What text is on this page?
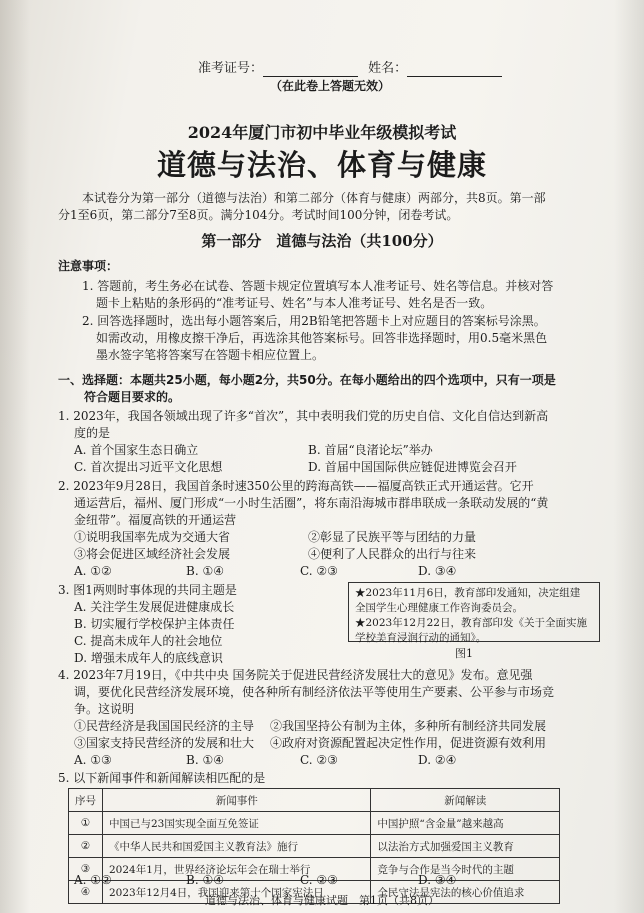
准考证号：	姓名：
（在此卷上答题无效）
2024年厦门市初中毕业年级模拟考试
道德与法治、体育与健康
本试卷分为第一部分（道德与法治）和第二部分（体育与健康）两部分，共8页。第一部
分1至6页，第二部分7至8页。满分104分。考试时间100分钟，闭卷考试。
第一部分　道德与法治（共100分）
注意事项：
1. 答题前，考生务必在试卷、答题卡规定位置填写本人准考证号、姓名等信息。并核对答
题卡上粘贴的条形码的“准考证号、姓名”与本人准考证号、姓名是否一致。
2. 回答选择题时，选出每小题答案后，用2B铅笔把答题卡上对应题目的答案标号涂黑。
如需改动，用橡皮擦干净后，再选涂其他答案标号。回答非选择题时，用0.5毫米黑色
墨水签字笔将答案写在答题卡相应位置上。
一、选择题：本题共25小题，每小题2分，共50分。在每小题给出的四个选项中，只有一项是
符合题目要求的。
1. 2023年，我国各领域出现了许多“首次”，其中表明我们党的历史自信、文化自信达到新高
度的是
A. 首个国家生态日确立	B. 首届“良渚论坛”举办
C. 首次提出习近平文化思想	D. 首届中国国际供应链促进博览会召开
2. 2023年9月28日，我国首条时速350公里的跨海高铁——福厦高铁正式开通运营。它开
通运营后，福州、厦门形成“一小时生活圈”，将东南沿海城市群串联成一条联动发展的“黄
金纽带”。福厦高铁的开通运营
①说明我国率先成为交通大省	②彰显了民族平等与团结的力量
③将会促进区域经济社会发展	④便利了人民群众的出行与往来
A. ①②	B. ①④	C. ②③	D. ③④
3. 图1两则时事体现的共同主题是
A. 关注学生发展促进健康成长
B. 切实履行学校保护主体责任
C. 提高未成年人的社会地位
D. 增强未成年人的底线意识
★2023年11月6日，教育部印发通知，决定组建
全国学生心理健康工作咨询委员会。
★2023年12月22日，教育部印发《关于全面实施
学校美育浸润行动的通知》。
图1
4. 2023年7月19日，《中共中央 国务院关于促进民营经济发展壮大的意见》发布。意见强
调，要优化民营经济发展环境，使各种所有制经济依法平等使用生产要素、公平参与市场竞
争。这说明
①民营经济是我国国民经济的主导 ②我国坚持公有制为主体，多种所有制经济共同发展
③国家支持民营经济的发展和壮大 ④政府对资源配置起决定性作用，促进资源有效利用
A. ①③	B. ①④	C. ②③	D. ②④
5. 以下新闻事件和新闻解读相匹配的是
序号	新闻事件	新闻解读
①	中国已与23国实现全面互免签证	中国护照“含金量”越来越高
②	《中华人民共和国爱国主义教育法》施行	以法治方式加强爱国主义教育
③	2024年1月，世界经济论坛年会在瑞士举行	竞争与合作是当今时代的主题
④	2023年12月4日，我国迎来第十个国家宪法日	全民守法是宪法的核心价值追求
A. ①②	B. ①④	C. ②③	D. ③④
道德与法治、体育与健康试题　第1页（共8页）
